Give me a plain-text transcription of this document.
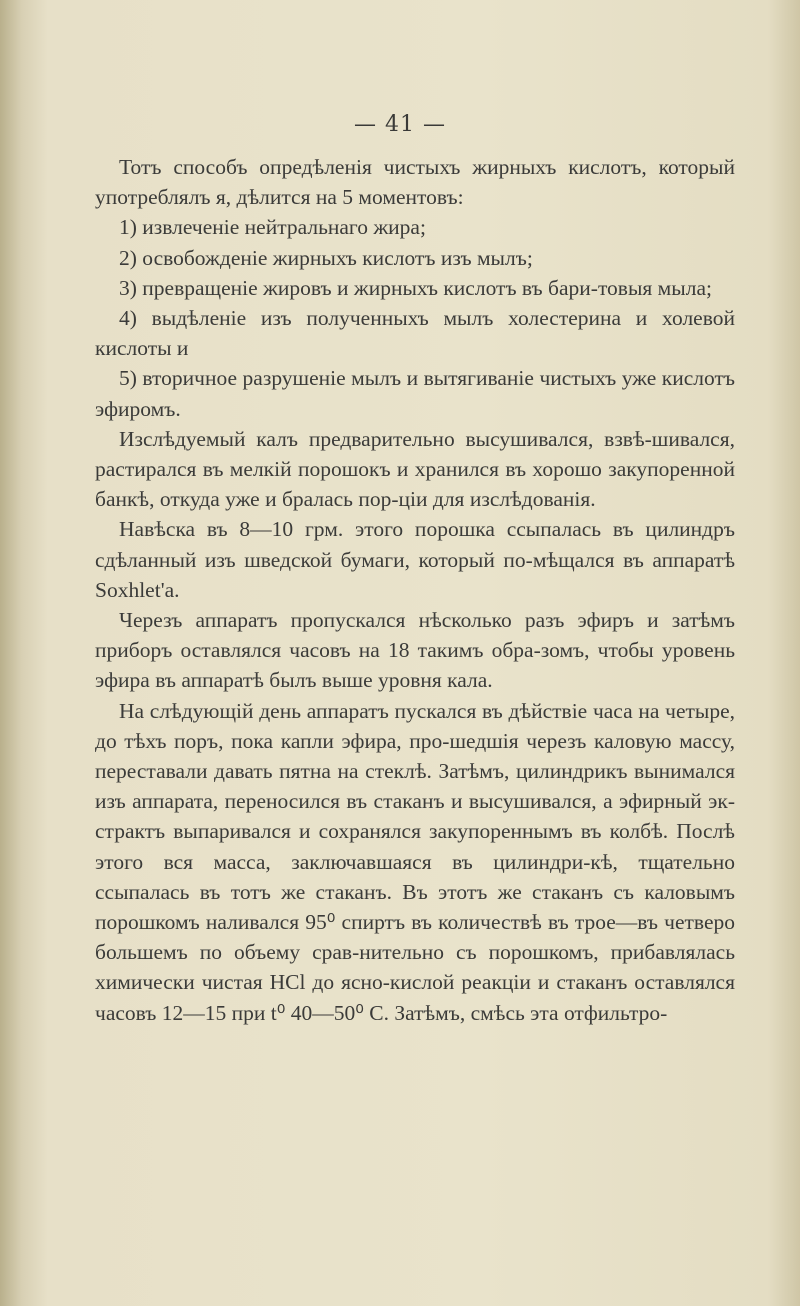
— 41 —

Тотъ способъ опредѣленія чистыхъ жирныхъ кислотъ, который употреблялъ я, дѣлится на 5 моментовъ:

1) извлеченіе нейтральнаго жира;

2) освобожденіе жирныхъ кислотъ изъ мылъ;

3) превращеніе жировъ и жирныхъ кислотъ въ бари-товыя мыла;

4) выдѣленіе изъ полученныхъ мылъ холестерина и холевой кислоты и

5) вторичное разрушеніе мылъ и вытягиваніе чистыхъ уже кислотъ эфиромъ.

Изслѣдуемый калъ предварительно высушивался, взвѣ-шивался, растирался въ мелкій порошокъ и хранился въ хорошо закупоренной банкѣ, откуда уже и бралась пор-ціи для изслѣдованія.

Навѣска въ 8—10 грм. этого порошка ссыпалась въ цилиндръ сдѣланный изъ шведской бумаги, который по-мѣщался въ аппаратѣ Soxhlet'а.

Черезъ аппаратъ пропускался нѣсколько разъ эфиръ и затѣмъ приборъ оставлялся часовъ на 18 такимъ обра-зомъ, чтобы уровень эфира въ аппаратѣ былъ выше уровня кала.

На слѣдующій день аппаратъ пускался въ дѣйствіе часа на четыре, до тѣхъ поръ, пока капли эфира, про-шедшія черезъ каловую массу, переставали давать пятна на стеклѣ. Затѣмъ, цилиндрикъ вынимался изъ аппарата, переносился въ стаканъ и высушивался, а эфирный эк-страктъ выпаривался и сохранялся закупореннымъ въ колбѣ. Послѣ этого вся масса, заключавшаяся въ цилиндри-кѣ, тщательно ссыпалась въ тотъ же стаканъ. Въ этотъ же стаканъ съ каловымъ порошкомъ наливался 95⁰ спиртъ въ количествѣ въ трое—въ четверо большемъ по объему срав-нительно съ порошкомъ, прибавлялась химически чистая HCl до ясно-кислой реакціи и стаканъ оставлялся часовъ 12—15 при t⁰ 40—50⁰ C. Затѣмъ, смѣсь эта отфильтро-
